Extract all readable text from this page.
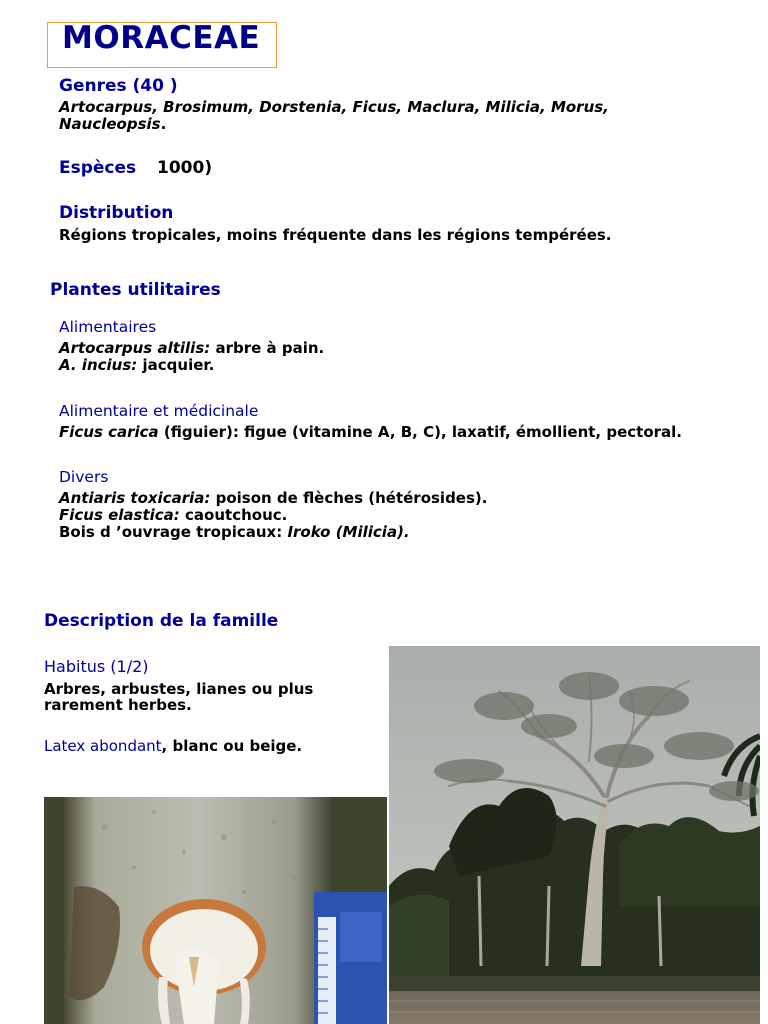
MORACEAE
Genres (40 )
Artocarpus, Brosimum, Dorstenia, Ficus, Maclura, Milicia, Morus,
Naucleopsis.
Espèces 1000)
Distribution
Régions tropicales, moins fréquente dans les régions tempérées.
Plantes utilitaires
Alimentaires
Artocarpus altilis: arbre à pain.
A. incius: jacquier.
Alimentaire et médicinale
Ficus carica (figuier): figue (vitamine A, B, C), laxatif, émollient, pectoral.
Divers
Antiaris toxicaria: poison de flèches (hétérosides).
Ficus elastica: caoutchouc.
Bois d ’ouvrage tropicaux: Iroko (Milicia).
Description de la famille
Habitus (1/2)
Arbres, arbustes, lianes ou plus
rarement herbes.
Latex abondant, blanc ou beige.
